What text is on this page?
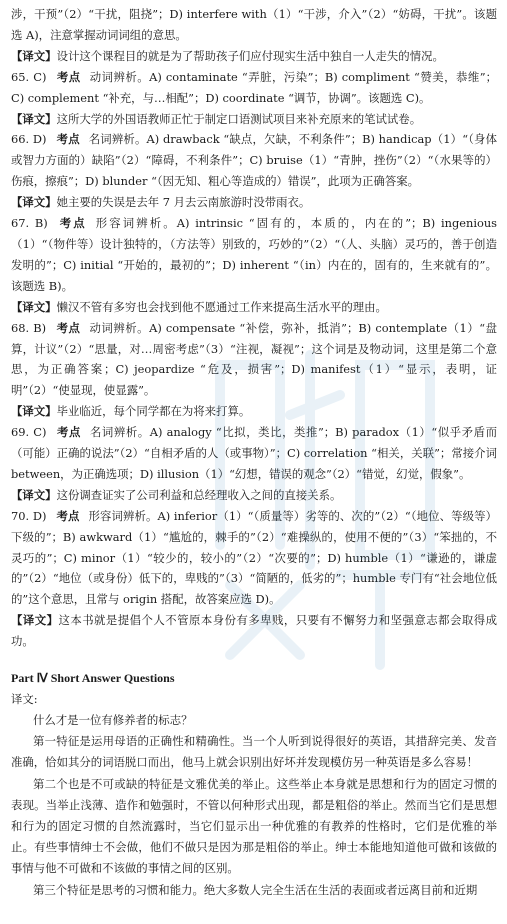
涉，干预”（2）“干扰，阻挠”；D) interfere with（1）“干涉，介入”（2）“妨碍，干扰”。该题选 A)，注意掌握动词词组的意思。

【译文】设计这个课程目的就是为了帮助孩子们应付现实生活中独自一人走失的情况。

65. C) 考点 动词辨析。A) contaminate “弄脏，污染”；B) compliment “赞美，恭维”；C) complement “补充，与…相配”；D) coordinate “调节，协调”。该题选 C)。

【译文】这所大学的外国语教师正忙于制定口语测试项目来补充原来的笔试试卷。

66. D) 考点 名词辨析。A) drawback “缺点，欠缺，不利条件”；B) handicap（1）“（身体或智力方面的）缺陷”（2）“障碍，不利条件”；C) bruise（1）“青肿，挫伤”（2）“（水果等的）伤痕，擦痕”；D) blunder “（因无知、粗心等造成的）错误”，此项为正确答案。

【译文】她主要的失误是去年 7 月去云南旅游时没带雨衣。

67. B) 考点 形容词辨析。A) intrinsic “固有的，本质的，内在的”；B) ingenious（1）“（物件等）设计独特的，（方法等）别致的，巧妙的”（2）“（人、头脑）灵巧的，善于创造发明的”；C) initial “开始的，最初的”；D) inherent “（in）内在的，固有的，生来就有的”。该题选 B)。

【译文】懒汉不管有多穷也会找到他不愿通过工作来提高生活水平的理由。

68. B) 考点 动词辨析。A) compensate “补偿，弥补，抵消”；B) contemplate（1）“盘算，计议”（2）“思量，对…周密考虑”（3）“注视，凝视”；这个词是及物动词，这里是第二个意思，为正确答案；C) jeopardize “危及，损害”；D) manifest（1）“显示，表明，证明”（2）“使显现，使显露”。

【译文】毕业临近，每个同学都在为将来打算。

69. C) 考点 名词辨析。A) analogy “比拟，类比，类推”；B) paradox（1）“似乎矛盾而（可能）正确的说法”（2）“自相矛盾的人（或事物）”；C) correlation “相关，关联”；常接介词 between，为正确选项；D) illusion（1）“幻想，错误的观念”（2）“错觉，幻觉，假象”。

【译文】这份调查证实了公司利益和总经理收入之间的直接关系。

70. D) 考点 形容词辨析。A) inferior（1）“（质量等）劣等的、次的”（2）“（地位、等级等）下级的”；B) awkward（1）“尴尬的，棘手的”（2）“难操纵的，使用不便的”（3）“笨拙的，不灵巧的”；C) minor（1）“较少的，较小的”（2）“次要的”；D) humble（1）“谦逊的，谦虚的”（2）“地位（或身份）低下的，卑贱的”（3）“简陋的，低劣的”；humble 专门有“社会地位低的”这个意思，且常与 origin 搭配，故答案应选 D)。

【译文】这本书就是提倡个人不管原本身份有多卑贱，只要有不懈努力和坚强意志都会取得成功。

Part Ⅳ Short Answer Questions

译文:

什么才是一位有修养者的标志？

第一特征是运用母语的正确性和精确性。当一个人听到说得很好的英语，其措辞完美、发音准确，恰如其分的词语脱口而出，他马上就会识别出好坏并发现模仿另一种英语是多么容易！

第二个也是不可或缺的特征是文雅优美的举止。这些举止本身就是思想和行为的固定习惯的表现。当举止浅薄、造作和勉强时，不管以何种形式出现，都是粗俗的举止。然而当它们是思想和行为的固定习惯的自然流露时，当它们显示出一种优雅的有教养的性格时，它们是优雅的举止。有些事情绅士不会做，他们不做只是因为那是粗俗的举止。绅士本能地知道他可做和该做的事情与他不可做和不该做的事情之间的区别。

第三个特征是思考的习惯和能力。绝大多数人完全生活在生活的表面或者远离目前和近期
